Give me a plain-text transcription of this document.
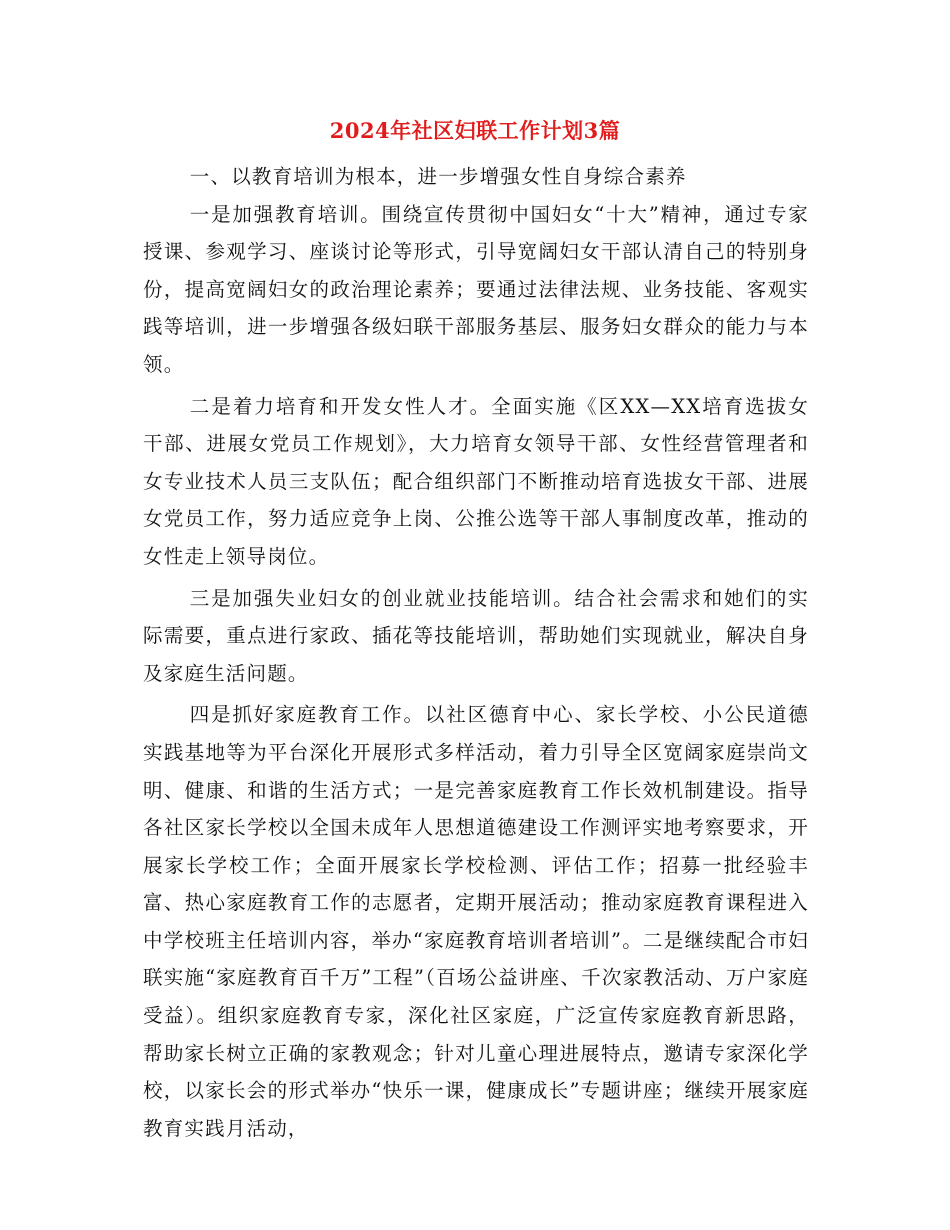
2024年社区妇联工作计划3篇

一、以教育培训为根本，进一步增强女性自身综合素养

一是加强教育培训。围绕宣传贯彻中国妇女“十大”精神，通过专家授课、参观学习、座谈讨论等形式，引导宽阔妇女干部认清自己的特别身份，提高宽阔妇女的政治理论素养；要通过法律法规、业务技能、客观实践等培训，进一步增强各级妇联干部服务基层、服务妇女群众的能力与本领。

二是着力培育和开发女性人才。全面实施《区XX—XX培育选拔女干部、进展女党员工作规划》，大力培育女领导干部、女性经营管理者和女专业技术人员三支队伍；配合组织部门不断推动培育选拔女干部、进展女党员工作，努力适应竞争上岗、公推公选等干部人事制度改革，推动的女性走上领导岗位。

三是加强失业妇女的创业就业技能培训。结合社会需求和她们的实际需要，重点进行家政、插花等技能培训，帮助她们实现就业，解决自身及家庭生活问题。

四是抓好家庭教育工作。以社区德育中心、家长学校、小公民道德实践基地等为平台深化开展形式多样活动，着力引导全区宽阔家庭崇尚文明、健康、和谐的生活方式；一是完善家庭教育工作长效机制建设。指导各社区家长学校以全国未成年人思想道德建设工作测评实地考察要求，开展家长学校工作；全面开展家长学校检测、评估工作；招募一批经验丰富、热心家庭教育工作的志愿者，定期开展活动；推动家庭教育课程进入中学校班主任培训内容，举办“家庭教育培训者培训”。二是继续配合市妇联实施“家庭教育百千万”工程”（百场公益讲座、千次家教活动、万户家庭受益）。组织家庭教育专家，深化社区家庭，广泛宣传家庭教育新思路，帮助家长树立正确的家教观念；针对儿童心理进展特点，邀请专家深化学校，以家长会的形式举办“快乐一课，健康成长”专题讲座；继续开展家庭教育实践月活动，
